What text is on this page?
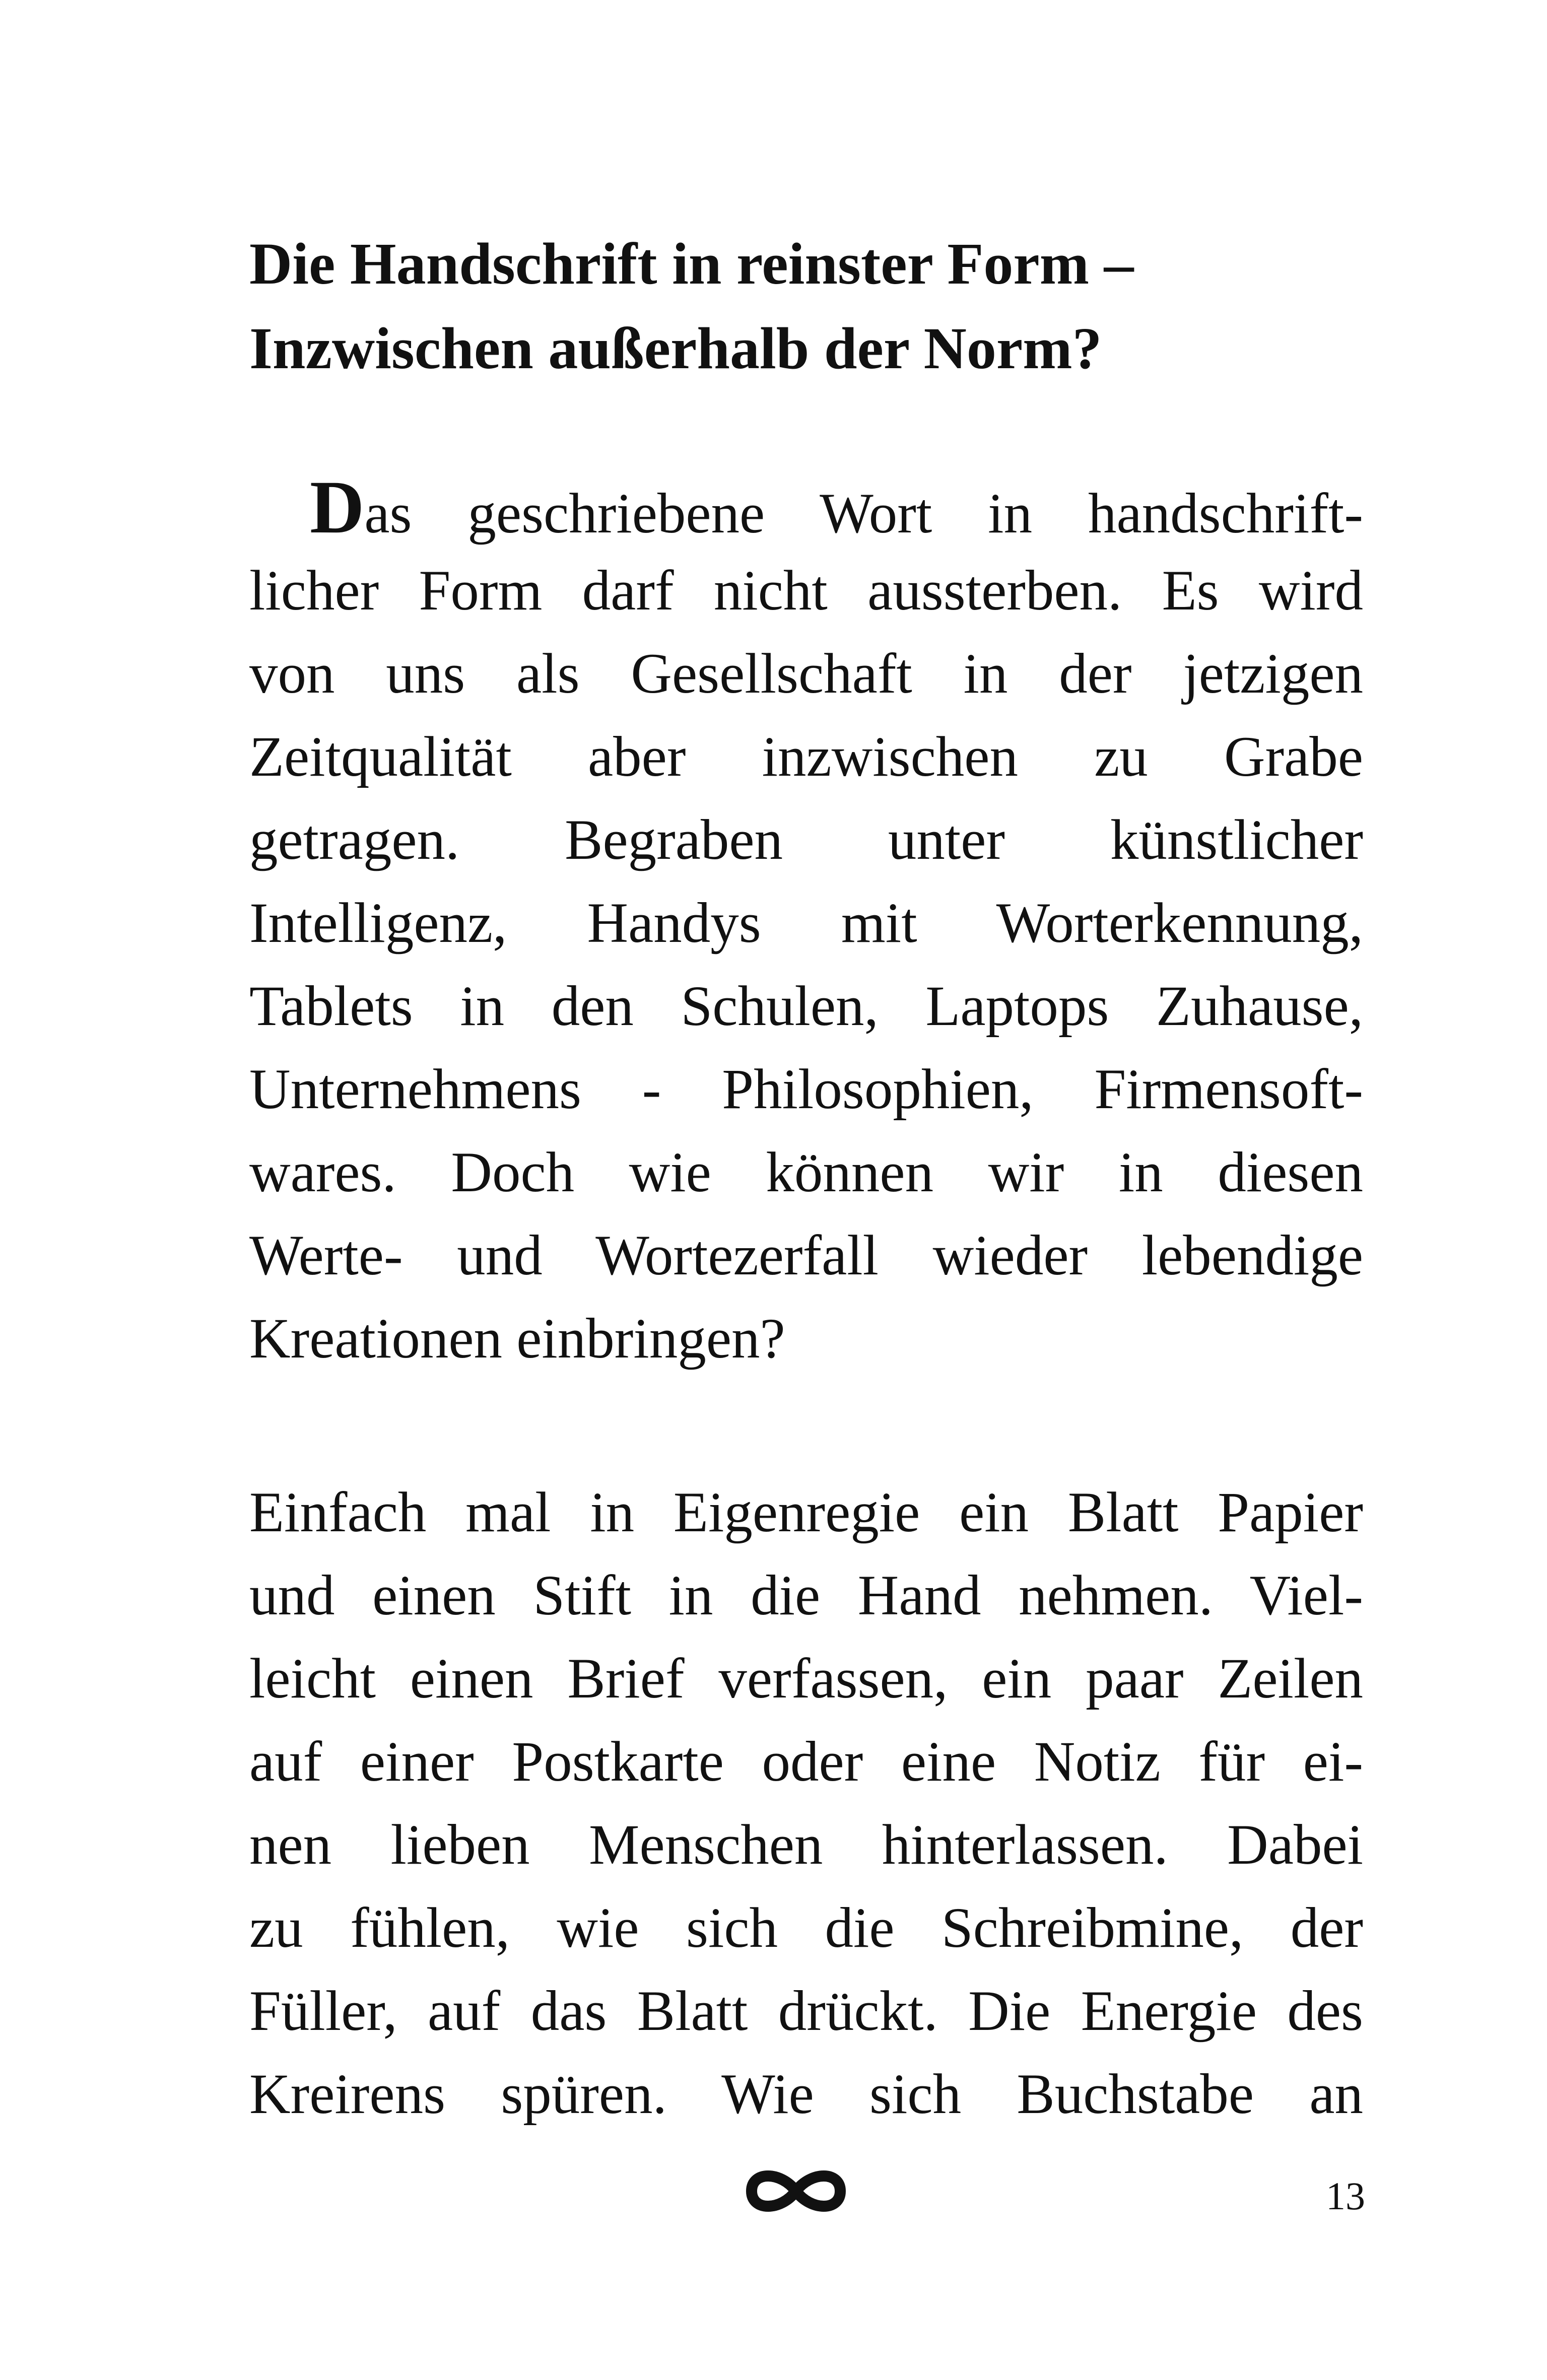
Die Handschrift in reinster Form –
Inzwischen außerhalb der Norm?
Das geschriebene Wort in handschrift-
licher Form darf nicht aussterben. Es wird
von uns als Gesellschaft in der jetzigen
Zeitqualität aber inzwischen zu Grabe
getragen. Begraben unter künstlicher
Intelligenz, Handys mit Worterkennung,
Tablets in den Schulen, Laptops Zuhause,
Unternehmens - Philosophien, Firmensoft-
wares. Doch wie können wir in diesen
Werte- und Wortezerfall wieder lebendige
Kreationen einbringen?
Einfach mal in Eigenregie ein Blatt Papier
und einen Stift in die Hand nehmen. Viel-
leicht einen Brief verfassen, ein paar Zeilen
auf einer Postkarte oder eine Notiz für ei-
nen lieben Menschen hinterlassen. Dabei
zu fühlen, wie sich die Schreibmine, der
Füller, auf das Blatt drückt. Die Energie des
Kreirens spüren. Wie sich Buchstabe an
13
